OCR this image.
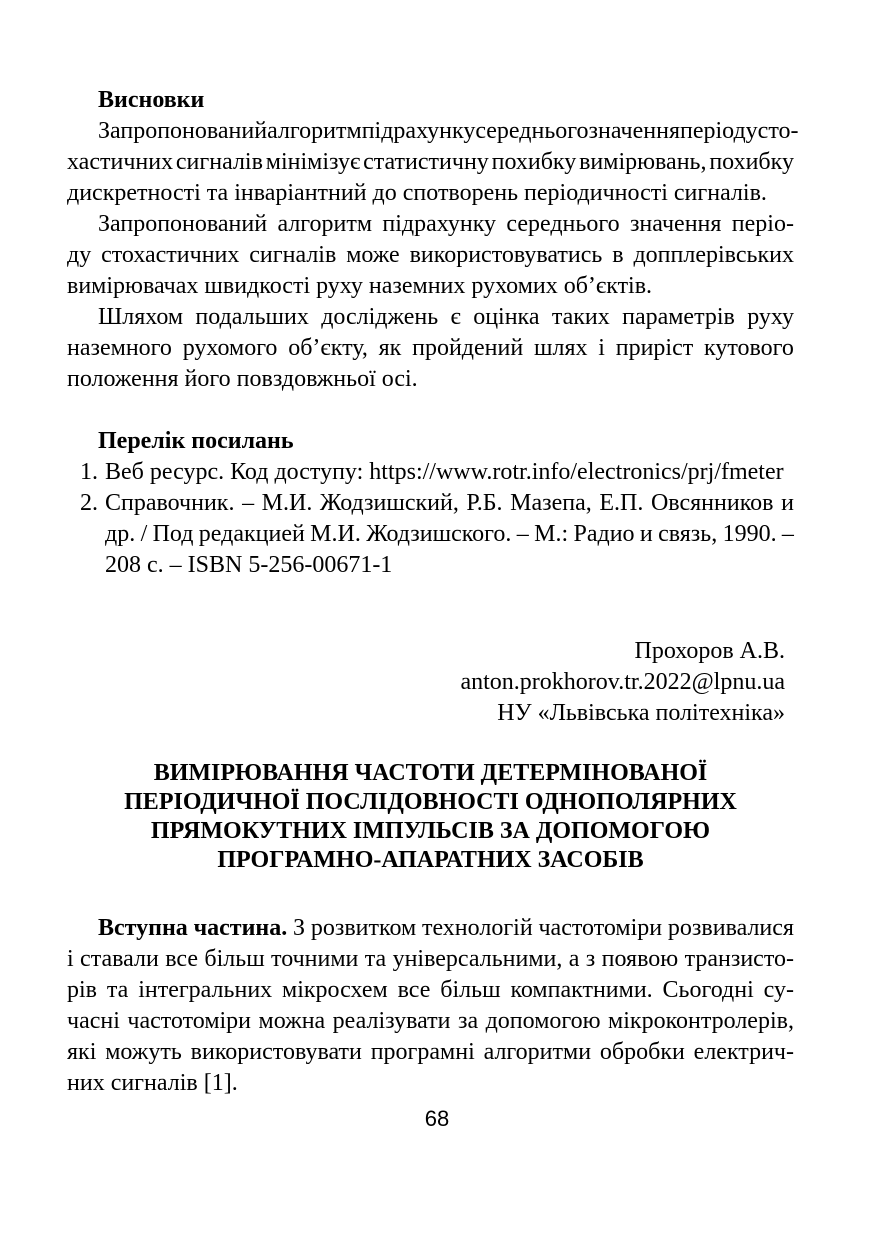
Висновки
Запропонований алгоритм підрахунку середнього значення періоду сто-
хастичних сигналів мінімізує статистичну похибку вимірювань, похибку
дискретності та інваріантний до спотворень періодичності сигналів.
Запропонований алгоритм підрахунку середнього значення періо-
ду стохастичних сигналів може використовуватись в допплерівських
вимірювачах швидкості руху наземних рухомих об’єктів.
Шляхом подальших досліджень є оцінка таких параметрів руху
наземного рухомого об’єкту, як пройдений шлях і приріст кутового
положення його повздовжньої осі.
Перелік посилань
1. Веб ресурс. Код доступу: https://www.rotr.info/electronics/prj/fmeter
2. Справочник. – М.И. Жодзишский, Р.Б. Мазепа, Е.П. Овсянников и
др. / Под редакцией М.И. Жодзишского. – М.: Радио и связь, 1990. –
208 с. – ISBN 5-256-00671-1
Прохоров А.В.
anton.prokhorov.tr.2022@lpnu.ua
НУ «Львівська політехніка»
ВИМІРЮВАННЯ ЧАСТОТИ ДЕТЕРМІНОВАНОЇ
ПЕРІОДИЧНОЇ ПОСЛІДОВНОСТІ ОДНОПОЛЯРНИХ
ПРЯМОКУТНИХ ІМПУЛЬСІВ ЗА ДОПОМОГОЮ
ПРОГРАМНО-АПАРАТНИХ ЗАСОБІВ
Вступна частина. З розвитком технологій частотоміри розвивалися
і ставали все більш точними та універсальними, а з появою транзисто-
рів та інтегральних мікросхем все більш компактними. Сьогодні су-
часні частотоміри можна реалізувати за допомогою мікроконтролерів,
які можуть використовувати програмні алгоритми обробки електрич-
них сигналів [1].
68
